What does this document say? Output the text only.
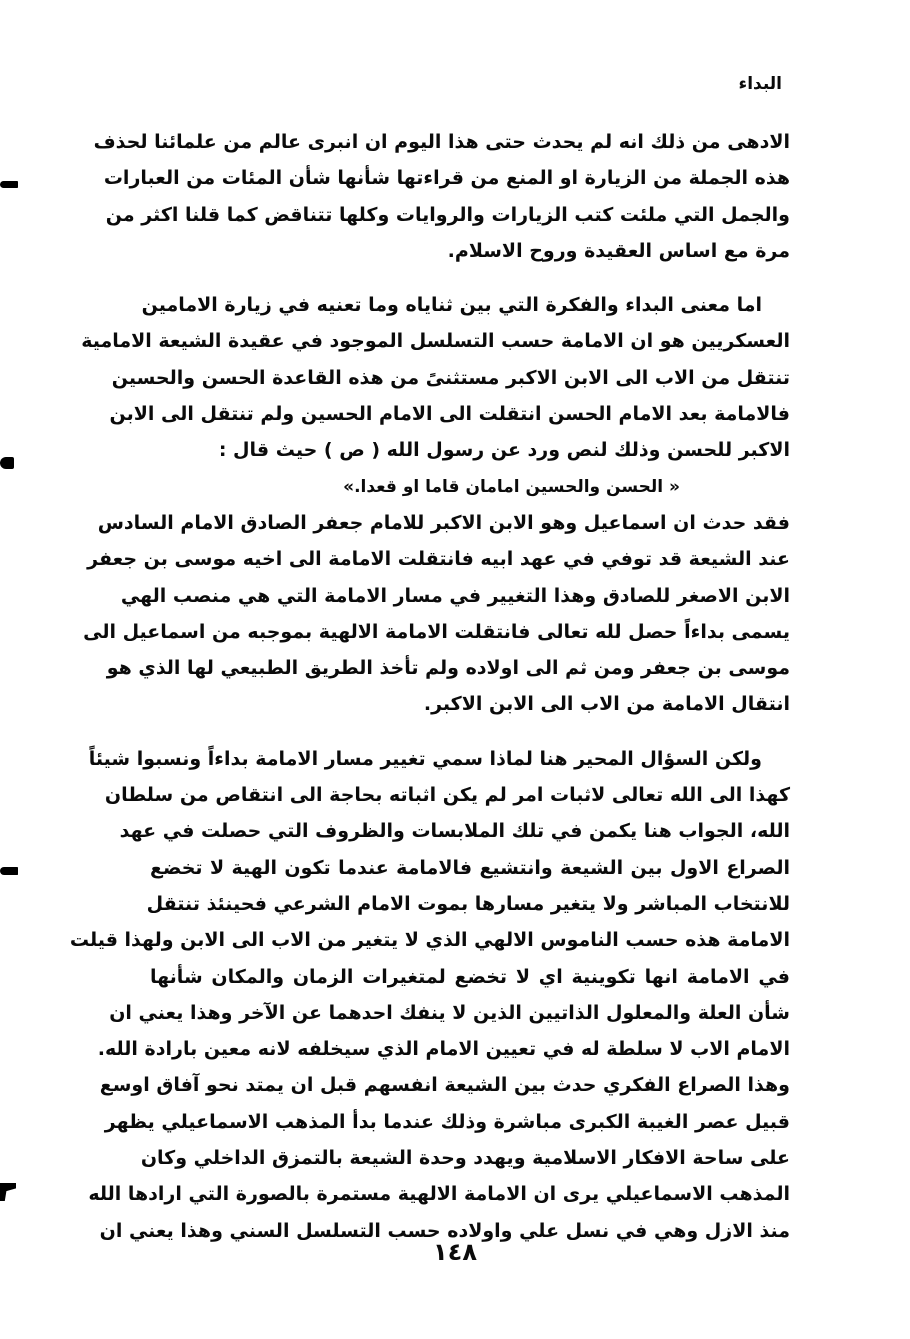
البداء
الادهى من ذلك انه لم يحدث حتى هذا اليوم ان انبرى عالم من علمائنا لحذف
هذه الجملة من الزيارة او المنع من قراءتها شأنها شأن المئات من العبارات
والجمل التي ملئت كتب الزيارات والروايات وكلها تتناقض كما قلنا اكثر من
مرة مع اساس العقيدة وروح الاسلام.
اما معنى البداء والفكرة التي بين ثناياه وما تعنيه في زيارة الامامين
العسكريين هو ان الامامة حسب التسلسل الموجود في عقيدة الشيعة الامامية
تنتقل من الاب الى الابن الاكبر مستثنىً من هذه القاعدة الحسن والحسين
فالامامة بعد الامام الحسن انتقلت الى الامام الحسين ولم تنتقل الى الابن
الاكبر للحسن وذلك لنص ورد عن رسول الله ( ص ) حيث قال :
« الحسن والحسين امامان قاما او قعدا.»
فقد حدث ان اسماعيل وهو الابن الاكبر للامام جعفر الصادق الامام السادس
عند الشيعة قد توفي في عهد ابيه فانتقلت الامامة الى اخيه موسى بن جعفر
الابن الاصغر للصادق وهذا التغيير في مسار الامامة التي هي منصب الهي
يسمى بداءاً حصل لله تعالى فانتقلت الامامة الالهية بموجبه من اسماعيل الى
موسى بن جعفر ومن ثم الى اولاده ولم تأخذ الطريق الطبيعي لها الذي هو
انتقال الامامة من الاب الى الابن الاكبر.
ولكن السؤال المحير هنا لماذا سمي تغيير مسار الامامة بداءاً ونسبوا شيئاً
كهذا الى الله تعالى لاثبات امر لم يكن اثباته بحاجة الى انتقاص من سلطان
الله، الجواب هنا يكمن في تلك الملابسات والظروف التي حصلت في عهد
الصراع الاول بين الشيعة وانتشيع فالامامة عندما تكون الهية لا تخضع
للانتخاب المباشر ولا يتغير مسارها بموت الامام الشرعي فحينئذ تنتقل
الامامة هذه حسب الناموس الالهي الذي لا يتغير من الاب الى الابن ولهذا قيلت
في الامامة انها تكوينية اي لا تخضع لمتغيرات الزمان والمكان شأنها
شأن العلة والمعلول الذاتيين الذين لا ينفك احدهما عن الآخر وهذا يعني ان
الامام الاب لا سلطة له في تعيين الامام الذي سيخلفه لانه معين بارادة الله.
وهذا الصراع الفكري حدث بين الشيعة انفسهم قبل ان يمتد نحو آفاق اوسع
قبيل عصر الغيبة الكبرى مباشرة وذلك عندما بدأ المذهب الاسماعيلي يظهر
على ساحة الافكار الاسلامية ويهدد وحدة الشيعة بالتمزق الداخلي وكان
المذهب الاسماعيلي يرى ان الامامة الالهية مستمرة بالصورة التي ارادها الله
منذ الازل وهي في نسل علي واولاده حسب التسلسل السني وهذا يعني ان
١٤٨
